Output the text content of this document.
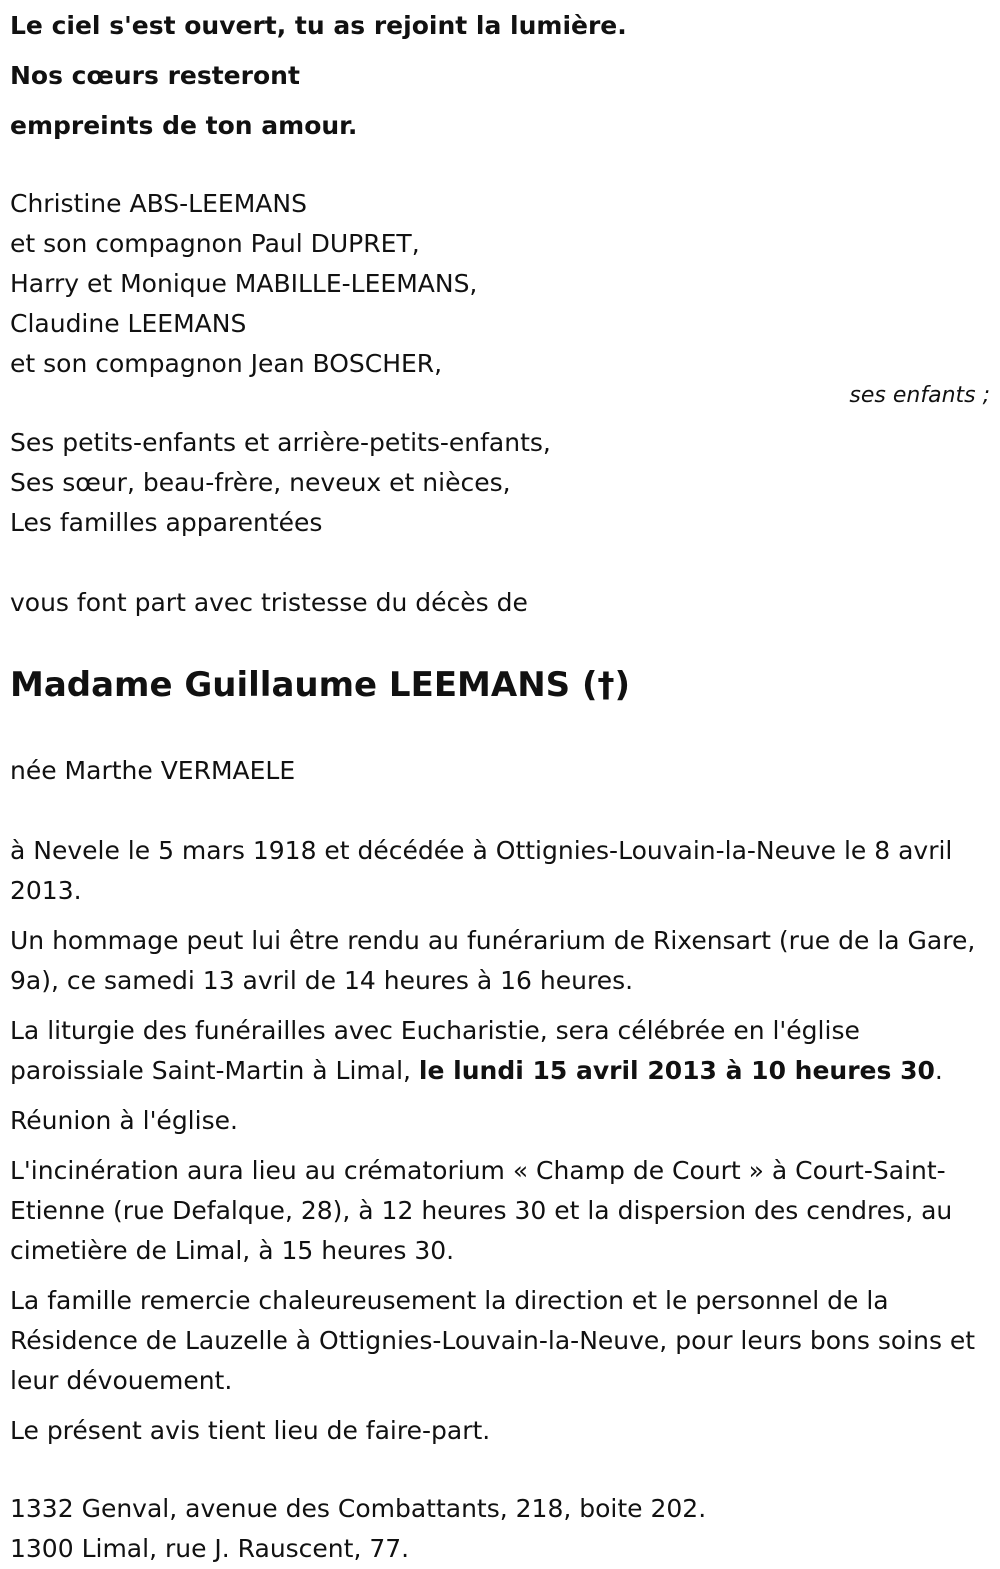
Le ciel s'est ouvert, tu as rejoint la lumière.
Nos cœurs resteront
empreints de ton amour.
Christine ABS-LEEMANS
et son compagnon Paul DUPRET,
Harry et Monique MABILLE-LEEMANS,
Claudine LEEMANS
et son compagnon Jean BOSCHER,
ses enfants ;
Ses petits-enfants et arrière-petits-enfants,
Ses sœur, beau-frère, neveux et nièces,
Les familles apparentées
vous font part avec tristesse du décès de
Madame Guillaume LEEMANS (†)
née Marthe VERMAELE

à Nevele le 5 mars 1918 et décédée à Ottignies-Louvain-la-Neuve le 8 avril 2013.

Un hommage peut lui être rendu au funérarium de Rixensart (rue de la Gare, 9a), ce samedi 13 avril de 14 heures à 16 heures.

La liturgie des funérailles avec Eucharistie, sera célébrée en l'église paroissiale Saint-Martin à Limal, le lundi 15 avril 2013 à 10 heures 30.

Réunion à l'église.

L'incinération aura lieu au crématorium « Champ de Court » à Court-Saint-Etienne (rue Defalque, 28), à 12 heures 30 et la dispersion des cendres, au cimetière de Limal, à 15 heures 30.

La famille remercie chaleureusement la direction et le personnel de la Résidence de Lauzelle à Ottignies-Louvain-la-Neuve, pour leurs bons soins et leur dévouement.

Le présent avis tient lieu de faire-part.

1332 Genval, avenue des Combattants, 218, boite 202.
1300 Limal, rue J. Rauscent, 77.
